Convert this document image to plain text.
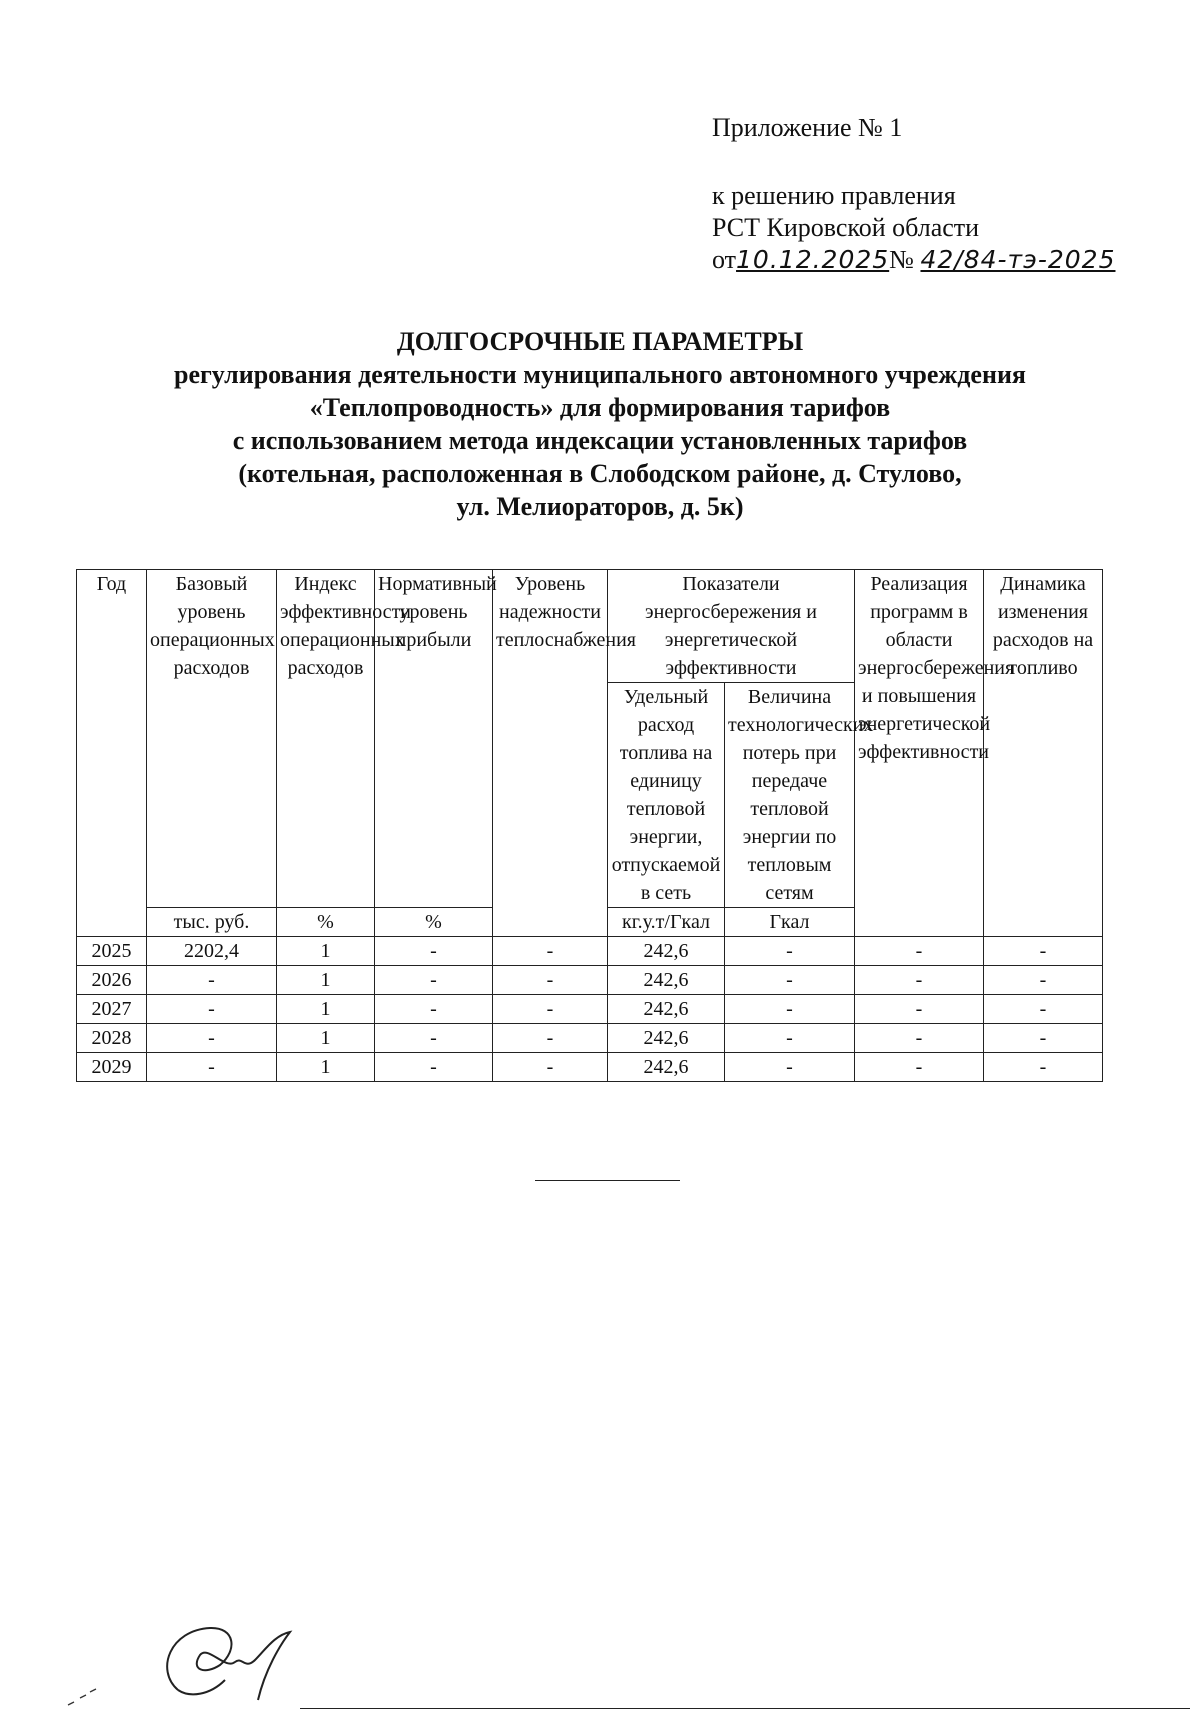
Приложение № 1
к решению правления
РСТ Кировской области
от10.12.2025№ 42/84-тэ-2025
ДОЛГОСРОЧНЫЕ ПАРАМЕТРЫ
регулирования деятельности муниципального автономного учреждения
«Теплопроводность» для формирования тарифов
с использованием метода индексации установленных тарифов
(котельная, расположенная в Слободском районе, д. Стулово,
ул. Мелиораторов, д. 5к)
Год	Базовый уровень операционных расходов	Индекс эффективности операционных расходов	Нормативный уровень прибыли	Уровень надежности теплоснабжения	Показатели энергосбережения и энергетической эффективности		Реализация программ в области энергосбережения и повышения энергетической эффективности	Динамика изменения расходов на топливо
					Удельный расход топлива на единицу тепловой энергии, отпускаемой в сеть	Величина технологических потерь при передаче тепловой энергии по тепловым сетям		
	тыс. руб.	%	%		кг.у.т/Гкал	Гкал		
2025	2202,4	1	-	-	242,6	-	-	-
2026	-	1	-	-	242,6	-	-	-
2027	-	1	-	-	242,6	-	-	-
2028	-	1	-	-	242,6	-	-	-
2029	-	1	-	-	242,6	-	-	-
